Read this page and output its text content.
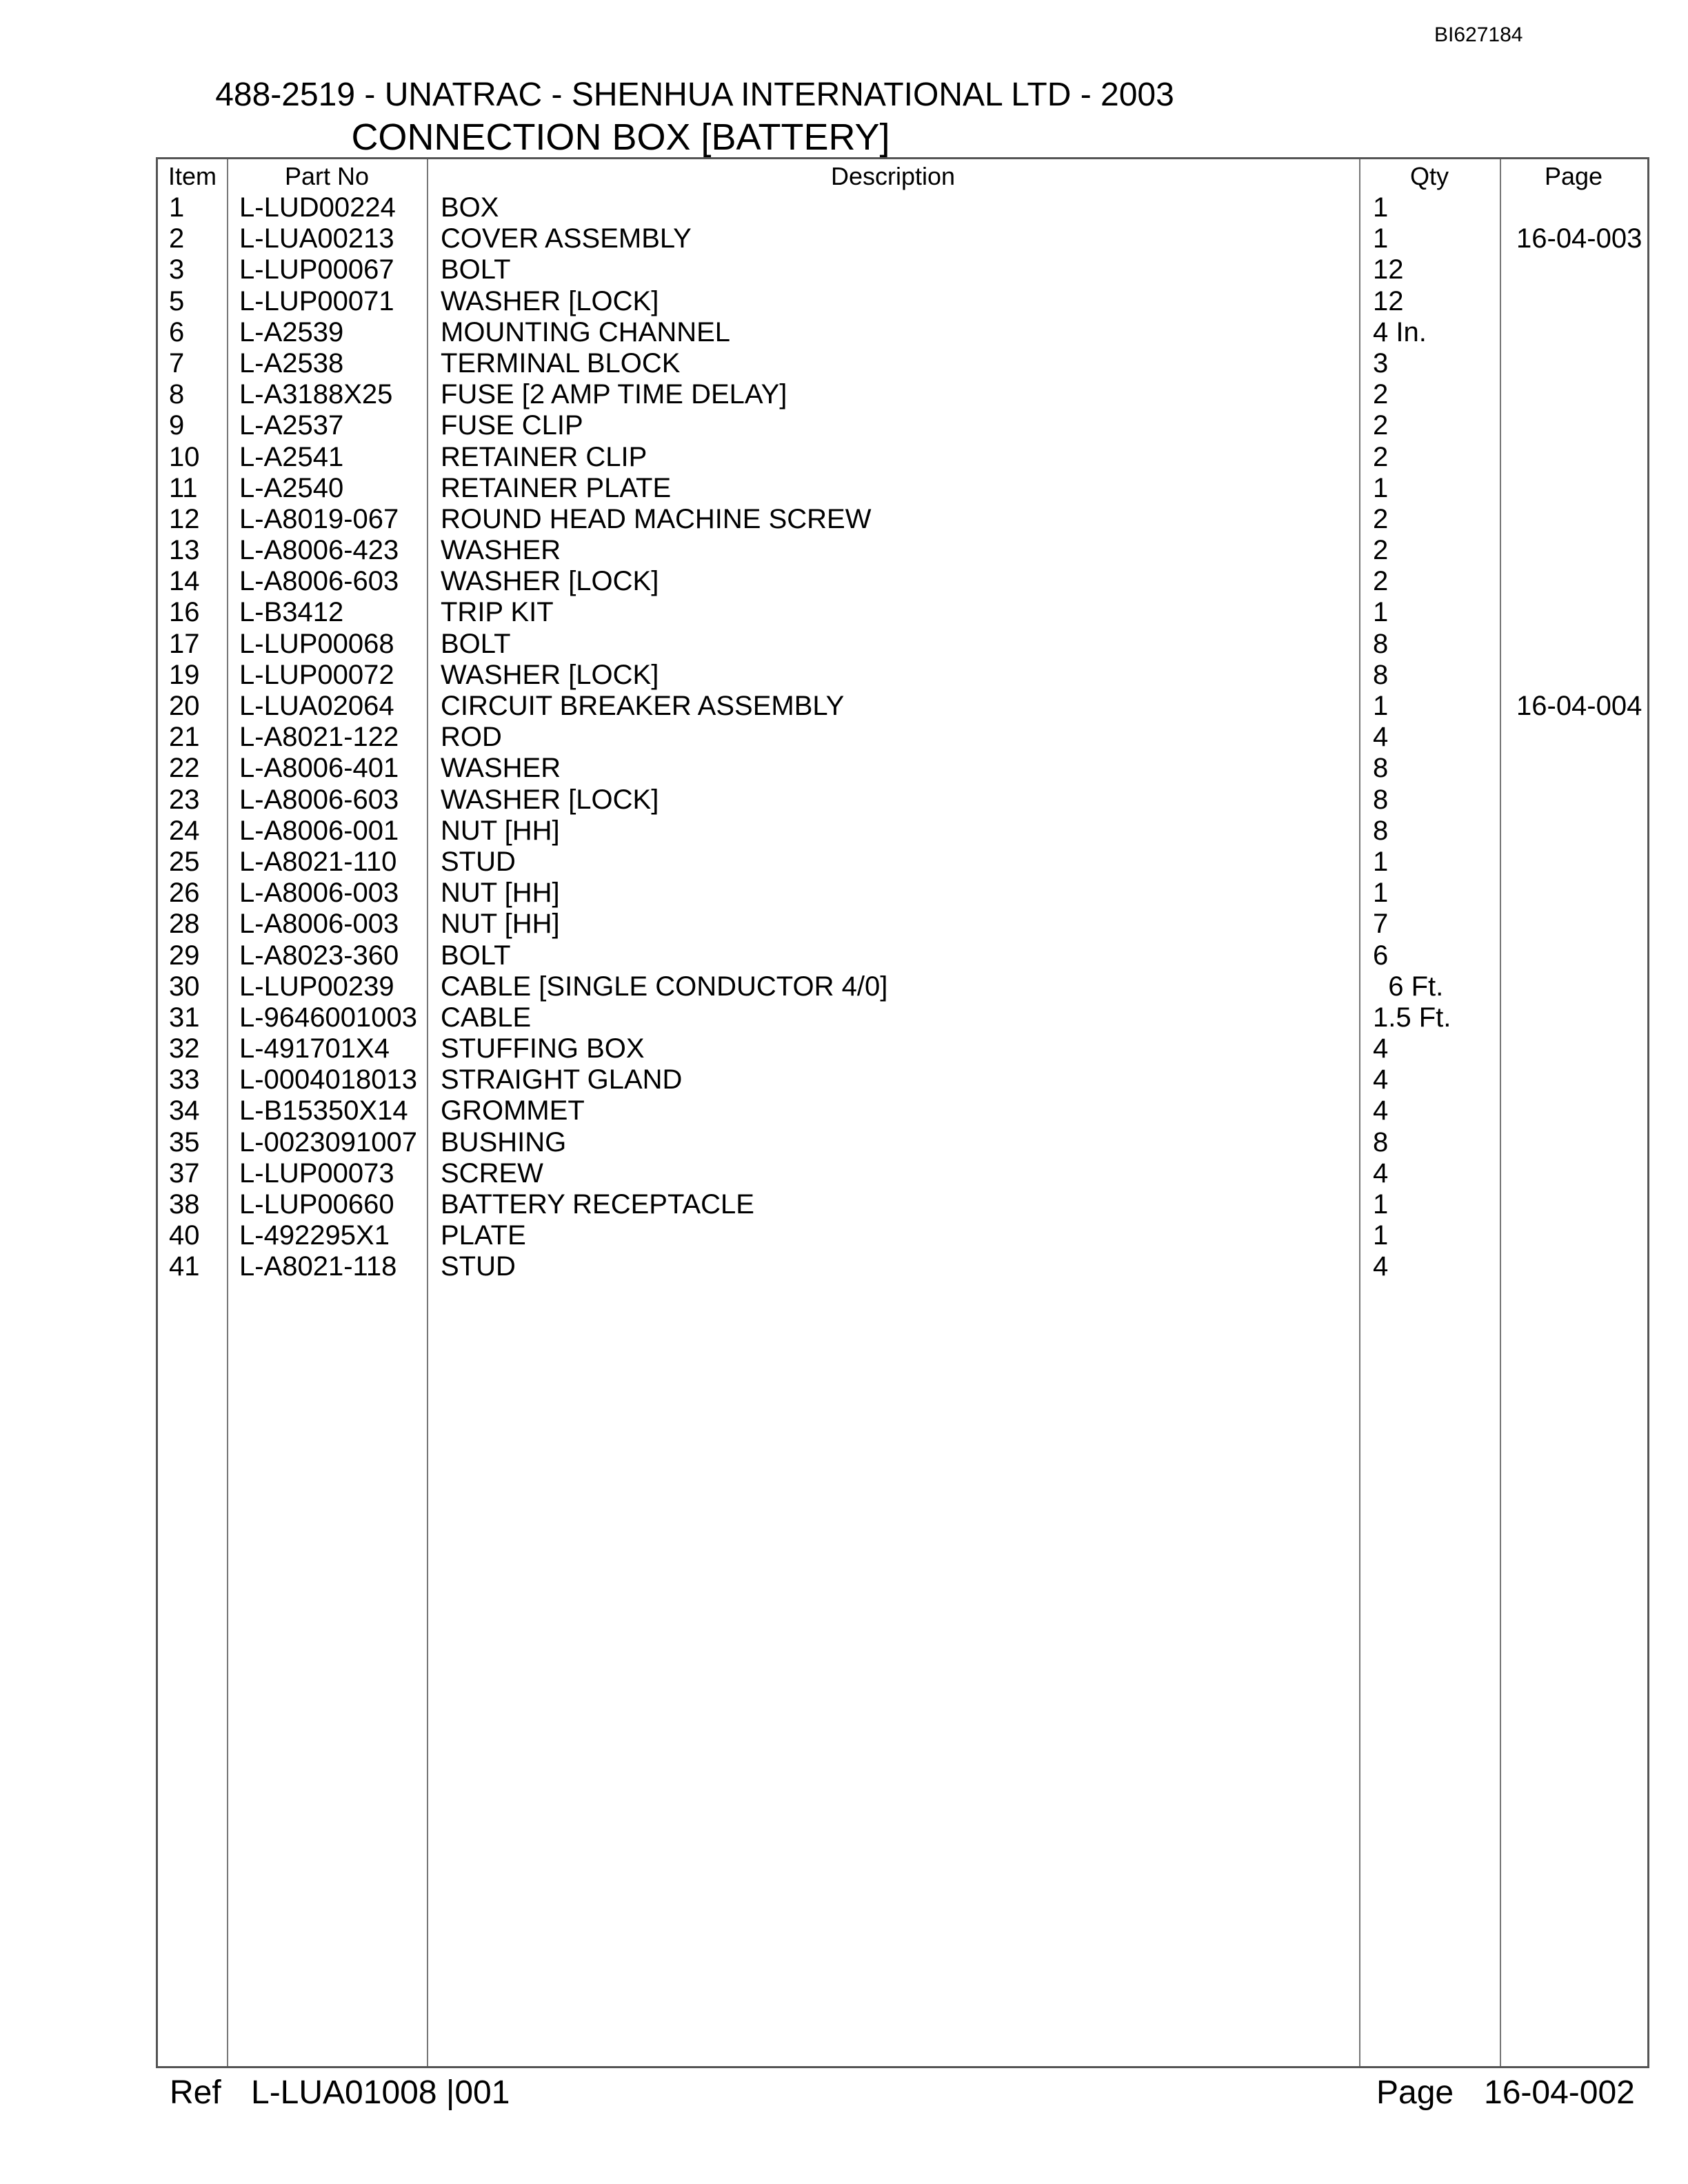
BI627184
488-2519 - UNATRAC - SHENHUA INTERNATIONAL LTD - 2003
CONNECTION BOX [BATTERY]
Item	Part No	Description	Qty	Page
1 L-LUD00224 BOX	1
2 L-LUA00213 COVER ASSEMBLY	1	16-04-003
3 L-LUP00067 BOLT	12
5 L-LUP00071 WASHER [LOCK]	12
6 L-A2539	MOUNTING CHANNEL	4 In.
7 L-A2538	TERMINAL BLOCK	3
8 L-A3188X25 FUSE [2 AMP TIME DELAY]	2
9 L-A2537	FUSE CLIP	2
10 L-A2541	RETAINER CLIP	2
11 L-A2540	RETAINER PLATE	1
12 L-A8019-067 ROUND HEAD MACHINE SCREW	2
13 L-A8006-423 WASHER	2
14 L-A8006-603 WASHER [LOCK]	2
16 L-B3412	TRIP KIT	1
17 L-LUP00068 BOLT	8
19 L-LUP00072 WASHER [LOCK]	8
20 L-LUA02064 CIRCUIT BREAKER ASSEMBLY	1	16-04-004
21 L-A8021-122 ROD	4
22 L-A8006-401 WASHER	8
23 L-A8006-603 WASHER [LOCK]	8
24 L-A8006-001 NUT [HH]	8
25 L-A8021-110 STUD	1
26 L-A8006-003 NUT [HH]	1
28 L-A8006-003 NUT [HH]	7
29 L-A8023-360 BOLT	6
30 L-LUP00239 CABLE [SINGLE CONDUCTOR 4/0]	6 Ft.
31 L-9646001003 CABLE	1.5 Ft.
32 L-491701X4 STUFFING BOX	4
33 L-0004018013 STRAIGHT GLAND	4
34 L-B15350X14 GROMMET	4
35 L-0023091007 BUSHING	8
37 L-LUP00073 SCREW	4
38 L-LUP00660 BATTERY RECEPTACLE	1
40 L-492295X1 PLATE	1
41 L-A8021-118 STUD	4
Ref L-LUA01008 |001	Page 16-04-002
